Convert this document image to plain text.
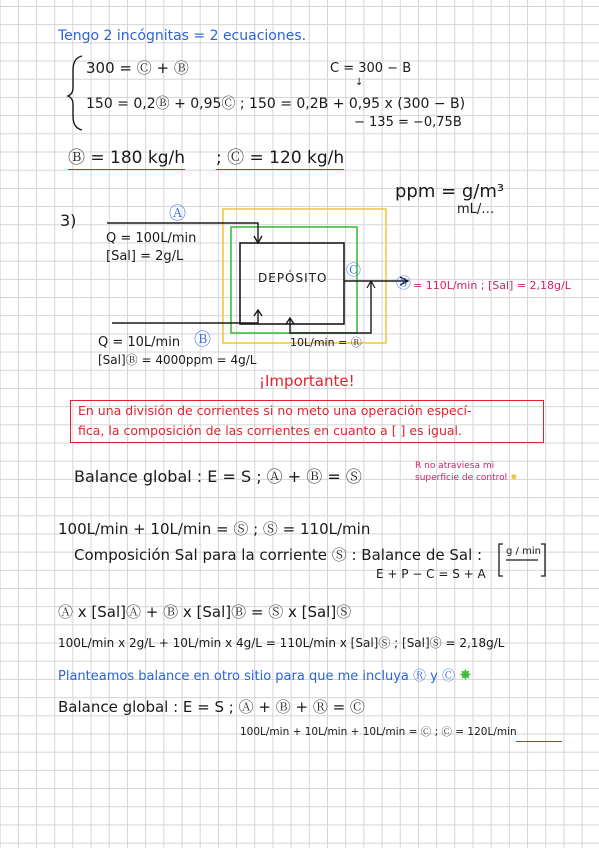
Tengo 2 incógnitas = 2 ecuaciones.
300 = Ⓒ + Ⓑ	C = 300 − B
↓
150 = 0,2Ⓑ + 0,95Ⓒ ; 150 = 0,2B + 0,95 x (300 − B)
− 135 = −0,75B
Ⓑ = 180 kg/h ; Ⓒ = 120 kg/h
ppm = g/m³
mL/…
3)	Ⓐ
Q = 100L/min
[Sal] = 2g/L
DEPÓSITO Ⓒ
Ⓢ = 110L/min ; [Sal] = 2,18g/L
Q = 10L/min Ⓑ
[Sal]Ⓑ = 4000ppm = 4g/L
10L/min = Ⓡ
¡Importante!
En una división de corrientes si no meto una operación especí-
fica, la composición de las corrientes en cuanto a [ ] es igual.
Balance global : E = S ; Ⓐ + Ⓑ = Ⓢ
R no atraviesa mi
superficie de control ✸
100L/min + 10L/min = Ⓢ ; Ⓢ = 110L/min
Composición Sal para la corriente Ⓢ : Balance de Sal :
E + P − C = S + A
g / min
Ⓐ x [Sal]Ⓐ + Ⓑ x [Sal]Ⓑ = Ⓢ x [Sal]Ⓢ
100L/min x 2g/L + 10L/min x 4g/L = 110L/min x [Sal]Ⓢ ; [Sal]Ⓢ = 2,18g/L
Planteamos balance en otro sitio para que me incluya Ⓡ y Ⓒ ✸
Balance global : E = S ; Ⓐ + Ⓑ + Ⓡ = Ⓒ
100L/min + 10L/min + 10L/min = Ⓒ ; Ⓒ = 120L/min
